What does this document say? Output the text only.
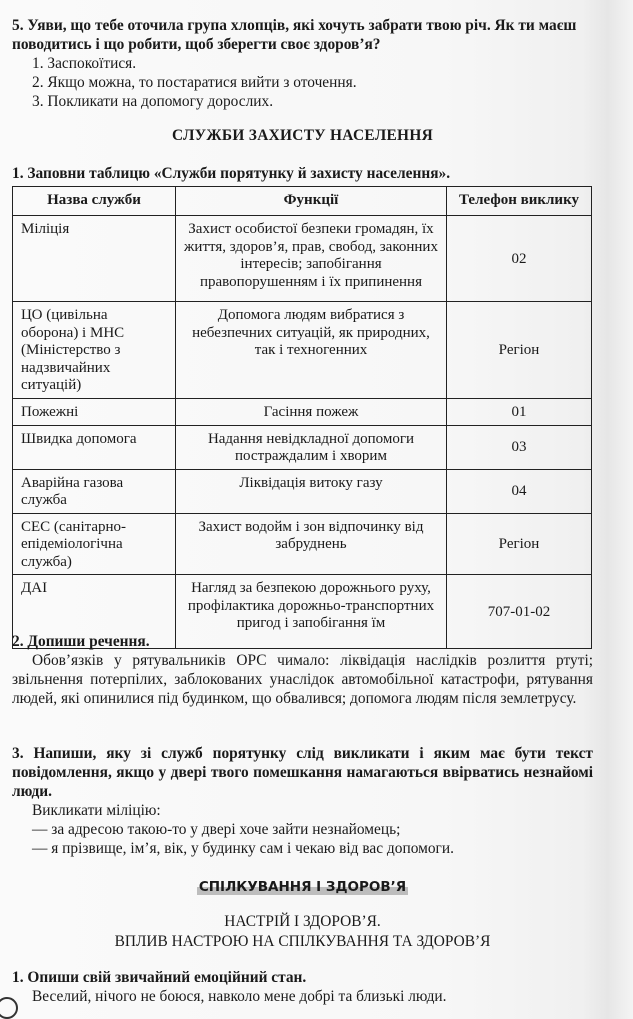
5. Уяви, що тебе оточила група хлопців, які хочуть забрати твою річ. Як ти маєш поводитись і що робити, щоб зберегти своє здоров’я?

1. Заспокоїтися.
2. Якщо можна, то постаратися вийти з оточення.
3. Покликати на допомогу дорослих.
СЛУЖБИ ЗАХИСТУ НАСЕЛЕННЯ
1. Заповни таблицю «Служби порятунку й захисту населення».
Назва служби	Функції	Телефон виклику
Міліція	Захист особистої безпеки громадян, їх життя, здоров’я, прав, свобод, законних інтересів; запобігання правопорушенням і їх припинення	02
ЦО (цивільна оборона) і МНС (Міністерство з надзвичайних ситуацій)	Допомога людям вибратися з небезпечних ситуацій, як природних, так і техногенних	Регіон
Пожежні	Гасіння пожеж	01
Швидка допомога	Надання невідкладної допомоги постраждалим і хворим	03
Аварійна газова служба	Ліквідація витоку газу	04
СЕС (санітарно-епідеміологічна служба)	Захист водойм і зон відпочинку від забруднень	Регіон
ДАІ	Нагляд за безпекою дорожнього руху, профілактика дорожньо-транспортних пригод і запобігання їм	707-01-02
2. Допиши речення.

Обов’язків у рятувальників ОРС чимало: ліквідація наслідків розлиття ртуті; звільнення потерпілих, заблокованих унаслідок автомобільної катастрофи, рятування людей, які опинилися під будинком, що обвалився; допомога людям після землетрусу.

3. Напиши, яку зі служб порятунку слід викликати і яким має бути текст повідомлення, якщо у двері твого помешкання намагаються ввірватись незнайомі люди.

Викликати міліцію:
— за адресою такою-то у двері хоче зайти незнайомець;
— я прізвище, ім’я, вік, у будинку сам і чекаю від вас допомоги.
СПІЛКУВАННЯ І ЗДОРОВ’Я
НАСТРІЙ І ЗДОРОВ’Я.
ВПЛИВ НАСТРОЮ НА СПІЛКУВАННЯ ТА ЗДОРОВ’Я
1. Опиши свій звичайний емоційний стан.
Веселий, нічого не боюся, навколо мене добрі та близькі люди.
